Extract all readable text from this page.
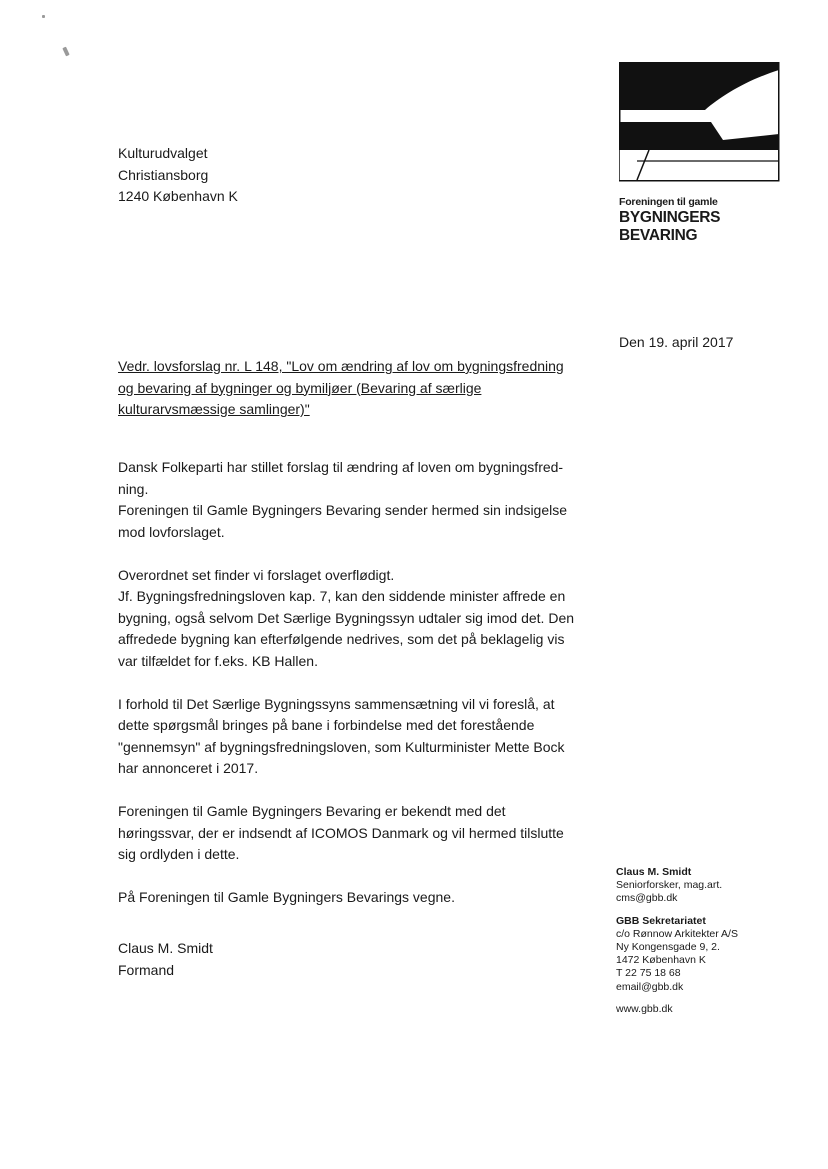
Foreningen til gamle
BYGNINGERS BEVARING
Kulturudvalget
Christiansborg
1240 København K
Den 19. april 2017
Vedr. lovsforslag nr. L 148, "Lov om ændring af lov om bygningsfredning og bevaring af bygninger og bymiljøer (Bevaring af særlige kulturarvsmæssige samlinger)"

Dansk Folkeparti har stillet forslag til ændring af loven om bygningsfred-
ning.
Foreningen til Gamle Bygningers Bevaring sender hermed sin indsigelse
mod lovforslaget.

Overordnet set finder vi forslaget overflødigt.
Jf. Bygningsfredningsloven kap. 7, kan den siddende minister affrede en
bygning, også selvom Det Særlige Bygningssyn udtaler sig imod det. Den
affredede bygning kan efterfølgende nedrives, som det på beklagelig vis
var tilfældet for f.eks. KB Hallen.

I forhold til Det Særlige Bygningssyns sammensætning vil vi foreslå, at
dette spørgsmål bringes på bane i forbindelse med det forestående
"gennemsyn" af bygningsfredningsloven, som Kulturminister Mette Bock
har annonceret i 2017.

Foreningen til Gamle Bygningers Bevaring er bekendt med det
høringssvar, der er indsendt af ICOMOS Danmark og vil hermed tilslutte
sig ordlyden i dette.

På Foreningen til Gamle Bygningers Bevarings vegne.

Claus M. Smidt
Formand
Claus M. Smidt
Seniorforsker, mag.art.
cms@gbb.dk
GBB Sekretariatet
c/o Rønnow Arkitekter A/S
Ny Kongensgade 9, 2.
1472 København K
T 22 75 18 68
email@gbb.dk
www.gbb.dk
